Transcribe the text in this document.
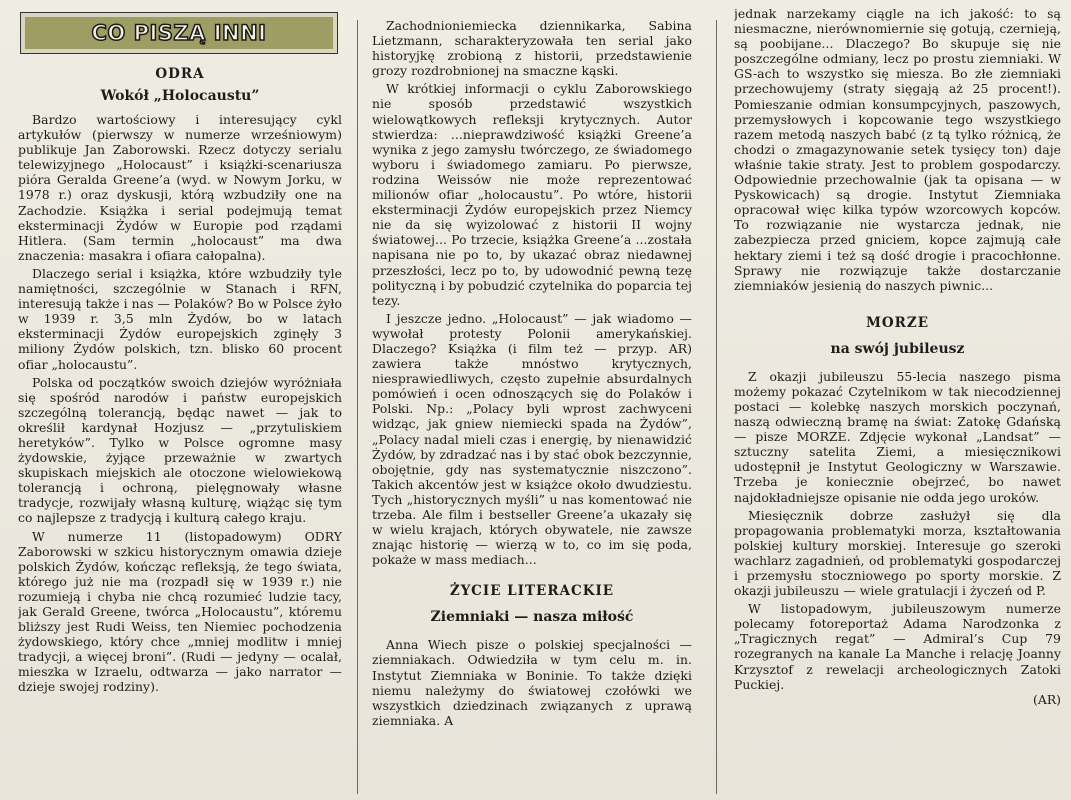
CO PISZĄ INNI

ODRA

Wokół „Holocaustu”

Bardzo wartościowy i interesujący cykl artykułów (pierwszy w numerze wrześniowym) publikuje Jan Zaborowski. Rzecz dotyczy serialu telewizyjnego „Holocaust” i książki-scenariusza pióra Geralda Greene’a (wyd. w Nowym Jorku, w 1978 r.) oraz dyskusji, którą wzbudziły one na Zachodzie. Książka i serial podejmują temat eksterminacji Żydów w Europie pod rządami Hitlera. (Sam termin „holocaust” ma dwa znaczenia: masakra i ofiara całopalna).

Dlaczego serial i książka, które wzbudziły tyle namiętności, szczególnie w Stanach i RFN, interesują także i nas — Polaków? Bo w Polsce żyło w 1939 r. 3,5 mln Żydów, bo w latach eksterminacji Żydów europejskich zginęły 3 miliony Żydów polskich, tzn. blisko 60 procent ofiar „holocaustu”.

Polska od początków swoich dziejów wyróżniała się spośród narodów i państw europejskich szczególną tolerancją, będąc nawet — jak to określił kardynał Hozjusz — „przytuliskiem heretyków”. Tylko w Polsce ogromne masy żydowskie, żyjące przeważnie w zwartych skupiskach miejskich ale otoczone wielowiekową tolerancją i ochroną, pielęgnowały własne tradycje, rozwijały własną kulturę, wiążąc się tym co najlepsze z tradycją i kulturą całego kraju.

W numerze 11 (listopadowym) ODRY Zaborowski w szkicu historycznym omawia dzieje polskich Żydów, kończąc refleksją, że tego świata, którego już nie ma (rozpadł się w 1939 r.) nie rozumieją i chyba nie chcą rozumieć ludzie tacy, jak Gerald Greene, twórca „Holocaustu”, któremu bliższy jest Rudi Weiss, ten Niemiec pochodzenia żydowskiego, który chce „mniej modlitw i mniej tradycji, a więcej broni”. (Rudi — jedyny — ocalał, mieszka w Izraelu, odtwarza — jako narrator — dzieje swojej rodziny).

Zachodnioniemiecka dziennikarka, Sabina Lietzmann, scharakteryzowała ten serial jako historyjkę zrobioną z historii, przedstawienie grozy rozdrobnionej na smaczne kąski.

W krótkiej informacji o cyklu Zaborowskiego nie sposób przedstawić wszystkich wielowątkowych refleksji krytycznych. Autor stwierdza: ...nieprawdziwość książki Greene’a wynika z jego zamysłu twórczego, ze świadomego wyboru i świadomego zamiaru. Po pierwsze, rodzina Weissów nie może reprezentować milionów ofiar „holocaustu”. Po wtóre, historii eksterminacji Żydów europejskich przez Niemcy nie da się wyizolować z historii II wojny światowej... Po trzecie, książka Greene’a ...została napisana nie po to, by ukazać obraz niedawnej przeszłości, lecz po to, by udowodnić pewną tezę polityczną i by pobudzić czytelnika do poparcia tej tezy.

I jeszcze jedno. „Holocaust” — jak wiadomo — wywołał protesty Polonii amerykańskiej. Dlaczego? Książka (i film też — przyp. AR) zawiera także mnóstwo krytycznych, niesprawiedliwych, często zupełnie absurdalnych pomówień i ocen odnoszących się do Polaków i Polski. Np.: „Polacy byli wprost zachwyceni widząc, jak gniew niemiecki spada na Żydów”, „Polacy nadal mieli czas i energię, by nienawidzić Żydów, by zdradzać nas i by stać obok bezczynnie, obojętnie, gdy nas systematycznie niszczono”. Takich akcentów jest w książce około dwudziestu. Tych „historycznych myśli” u nas komentować nie trzeba. Ale film i bestseller Greene’a ukazały się w wielu krajach, których obywatele, nie zawsze znając historię — wierzą w to, co im się poda, pokaże w mass mediach...

ŻYCIE LITERACKIE

Ziemniaki — nasza miłość

Anna Wiech pisze o polskiej specjalności — ziemniakach. Odwiedziła w tym celu m. in. Instytut Ziemniaka w Boninie. To także dzięki niemu należymy do światowej czołówki we wszystkich dziedzinach związanych z uprawą ziemniaka. A

jednak narzekamy ciągle na ich jakość: to są niesmaczne, nierównomiernie się gotują, czernieją, są poobijane... Dlaczego? Bo skupuje się nie poszczególne odmiany, lecz po prostu ziemniaki. W GS-ach to wszystko się miesza. Bo złe ziemniaki przechowujemy (straty sięgają aż 25 procent!). Pomieszanie odmian konsumpcyjnych, paszowych, przemysłowych i kopcowanie tego wszystkiego razem metodą naszych babć (z tą tylko różnicą, że chodzi o zmagazynowanie setek tysięcy ton) daje właśnie takie straty. Jest to problem gospodarczy. Odpowiednie przechowalnie (jak ta opisana — w Pyskowicach) są drogie. Instytut Ziemniaka opracował więc kilka typów wzorcowych kopców. To rozwiązanie nie wystarcza jednak, nie zabezpiecza przed gniciem, kopce zajmują całe hektary ziemi i też są dość drogie i pracochłonne. Sprawy nie rozwiązuje także dostarczanie ziemniaków jesienią do naszych piwnic...

MORZE

na swój jubileusz

Z okazji jubileuszu 55-lecia naszego pisma możemy pokazać Czytelnikom w tak niecodziennej postaci — kolebkę naszych morskich poczynań, naszą odwieczną bramę na świat: Zatokę Gdańską — pisze MORZE. Zdjęcie wykonał „Landsat” — sztuczny satelita Ziemi, a miesięcznikowi udostępnił je Instytut Geologiczny w Warszawie. Trzeba je koniecznie obejrzeć, bo nawet najdokładniejsze opisanie nie odda jego uroków.

Miesięcznik dobrze zasłużył się dla propagowania problematyki morza, kształtowania polskiej kultury morskiej. Interesuje go szeroki wachlarz zagadnień, od problematyki gospodarczej i przemysłu stoczniowego po sporty morskie. Z okazji jubileuszu — wiele gratulacji i życzeń od P.

W listopadowym, jubileuszowym numerze polecamy fotoreportaż Adama Narodzonka z „Tragicznych regat” — Admiral’s Cup 79 rozegranych na kanale La Manche i relację Joanny Krzysztof z rewelacji archeologicznych Zatoki Puckiej.

(AR)
